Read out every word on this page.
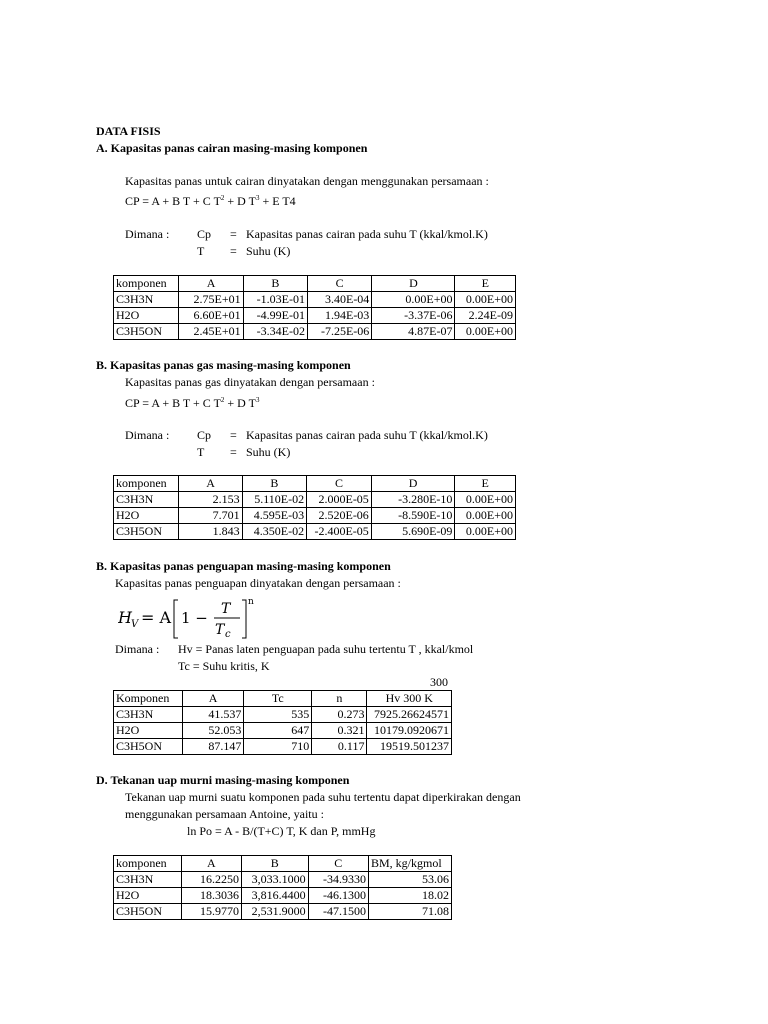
DATA FISIS
A. Kapasitas panas cairan masing-masing komponen
Kapasitas panas untuk cairan dinyatakan dengan menggunakan persamaan :
CP = A + B T + C $T^2 + D$ $T^3 + E$ T4
Dimana : Cp = Kapasitas panas cairan pada suhu T (kkal/kmol.K)
T = Suhu (K)
komponen	A	B	C	D	E
C3H3N	2.75E+01	-1.03E-01	3.40E-04	0.00E+00	0.00E+00
H2O	6.60E+01	-4.99E-01	1.94E-03	-3.37E-06	2.24E-09
C3H5ON	2.45E+01	-3.34E-02	-7.25E-06	4.87E-07	0.00E+00
B. Kapasitas panas gas masing-masing komponen
Kapasitas panas gas dinyatakan dengan persamaan :
CP = A + B T + C $T^2 + D$ $T^3$
Dimana : Cp = Kapasitas panas cairan pada suhu T (kkal/kmol.K)
T = Suhu (K)
komponen	A	B	C	D	E
C3H3N	2.153	5.110E-02	2.000E-05	-3.280E-10	0.00E+00
H2O	7.701	4.595E-03	2.520E-06	-8.590E-10	0.00E+00
C3H5ON	1.843	4.350E-02	-2.400E-05	5.690E-09	0.00E+00
B. Kapasitas panas penguapan masing-masing komponen
Kapasitas panas penguapan dinyatakan dengan persamaan :
H V = A 1 − T
T c
n
Dimana : Hv = Panas laten penguapan pada suhu tertentu T , kkal/kmol
Tc = Suhu kritis, K
300
Komponen	A	Tc	n	Hv 300 K
C3H3N	41.537	535	0.273	7925.26624571
H2O	52.053	647	0.321	10179.0920671
C3H5ON	87.147	710	0.117	19519.501237
D. Tekanan uap murni masing-masing komponen
Tekanan uap murni suatu komponen pada suhu tertentu dapat diperkirakan dengan
menggunakan persamaan Antoine, yaitu :
ln Po = A - B/(T+C) T, K dan P, mmHg
komponen	A	B	C	BM, kg/kgmol
C3H3N	16.2250	3,033.1000	-34.9330	53.06
H2O	18.3036	3,816.4400	-46.1300	18.02
C3H5ON	15.9770	2,531.9000	-47.1500	71.08
